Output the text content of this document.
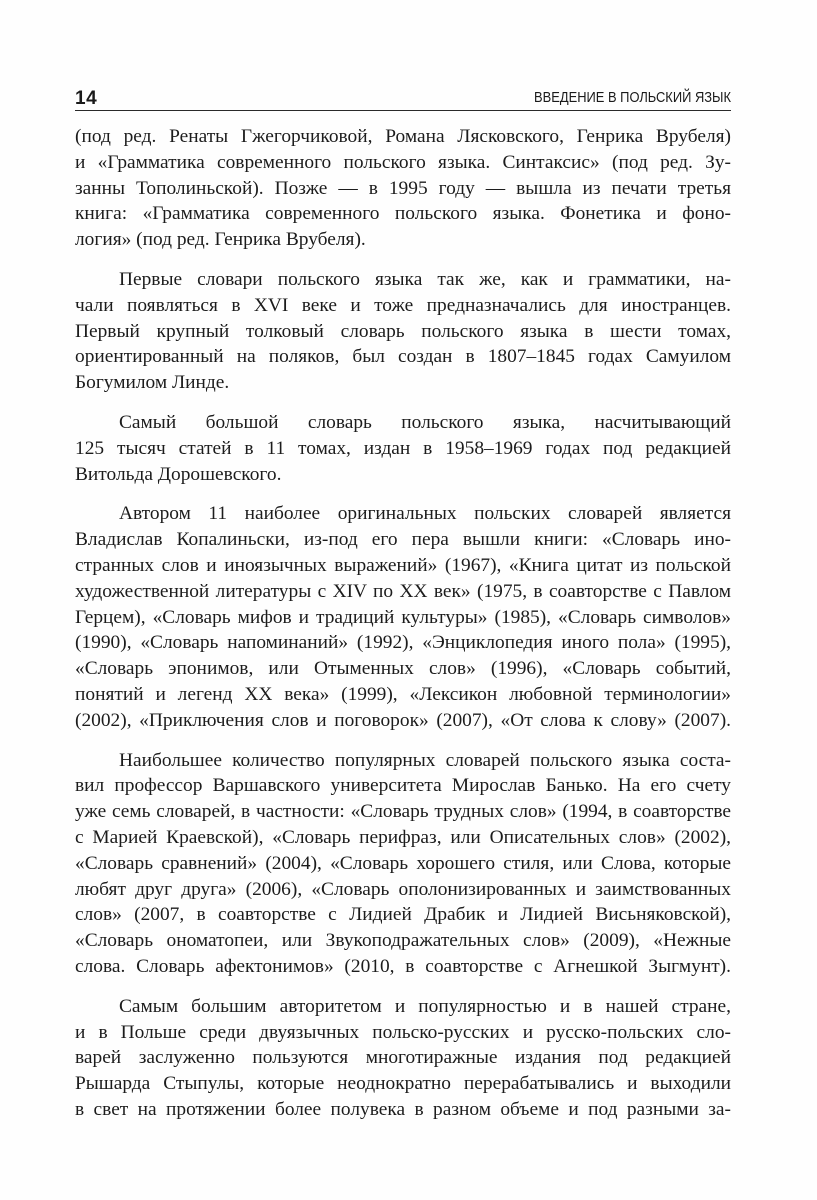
14	ВВЕДЕНИЕ В ПОЛЬСКИЙ ЯЗЫК
(под ред. Ренаты Гжегорчиковой, Романа Лясковского, Генрика Врубеля)
и «Грамматика современного польского языка. Синтаксис» (под ред. Зу-
занны Тополиньской). Позже — в 1995 году — вышла из печати третья
книга: «Грамматика современного польского языка. Фонетика и фоно-
логия» (под ред. Генрика Врубеля).
Первые словари польского языка так же, как и грамматики, на-
чали появляться в XVI веке и тоже предназначались для иностранцев.
Первый крупный толковый словарь польского языка в шести томах,
ориентированный на поляков, был создан в 1807–1845 годах Самуилом
Богумилом Линде.
Самый большой словарь польского языка, насчитывающий
125 тысяч статей в 11 томах, издан в 1958–1969 годах под редакцией
Витольда Дорошевского.
Автором 11 наиболее оригинальных польских словарей является
Владислав Копалиньски, из-под его пера вышли книги: «Словарь ино-
странных слов и иноязычных выражений» (1967), «Книга цитат из польской
художественной литературы с XIV по XX век» (1975, в соавторстве с Павлом
Герцем), «Словарь мифов и традиций культуры» (1985), «Словарь символов»
(1990), «Словарь напоминаний» (1992), «Энциклопедия иного пола» (1995),
«Словарь эпонимов, или Отыменных слов» (1996), «Словарь событий,
понятий и легенд XX века» (1999), «Лексикон любовной терминологии»
(2002), «Приключения слов и поговорок» (2007), «От слова к слову» (2007).
Наибольшее количество популярных словарей польского языка соста-
вил профессор Варшавского университета Мирослав Банько. На его счету
уже семь словарей, в частности: «Словарь трудных слов» (1994, в соавторстве
с Марией Краевской), «Словарь перифраз, или Описательных слов» (2002),
«Словарь сравнений» (2004), «Словарь хорошего стиля, или Слова, которые
любят друг друга» (2006), «Словарь ополонизированных и заимствованных
слов» (2007, в соавторстве с Лидией Драбик и Лидией Висьняковской),
«Словарь ономатопеи, или Звукоподражательных слов» (2009), «Нежные
слова. Словарь афектонимов» (2010, в соавторстве с Агнешкой Зыгмунт).
Самым большим авторитетом и популярностью и в нашей стране,
и в Польше среди двуязычных польско-русских и русско-польских сло-
варей заслуженно пользуются многотиражные издания под редакцией
Рышарда Стыпулы, которые неоднократно перерабатывались и выходили
в свет на протяжении более полувека в разном объеме и под разными за-
